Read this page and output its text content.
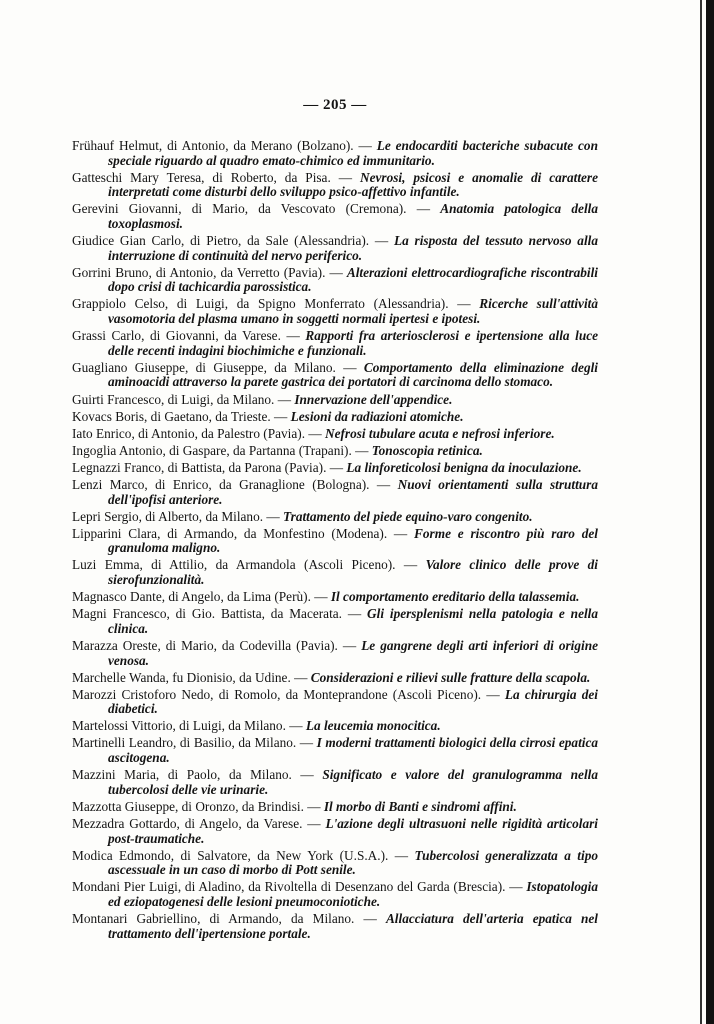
— 205 —

Frühauf Helmut, di Antonio, da Merano (Bolzano). — Le endocarditi bacteriche subacute con speciale riguardo al quadro emato-chimico ed immunitario.

Gatteschi Mary Teresa, di Roberto, da Pisa. — Nevrosi, psicosi e anomalie di carattere interpretati come disturbi dello sviluppo psico-affettivo infantile.

Gerevini Giovanni, di Mario, da Vescovato (Cremona). — Anatomia patologica della toxoplasmosi.

Giudice Gian Carlo, di Pietro, da Sale (Alessandria). — La risposta del tessuto nervoso alla interruzione di continuità del nervo periferico.

Gorrini Bruno, di Antonio, da Verretto (Pavia). — Alterazioni elettrocardiografiche riscontrabili dopo crisi di tachicardia parossistica.

Grappiolo Celso, di Luigi, da Spigno Monferrato (Alessandria). — Ricerche sull'attività vasomotoria del plasma umano in soggetti normali ipertesi e ipotesi.

Grassi Carlo, di Giovanni, da Varese. — Rapporti fra arteriosclerosi e ipertensione alla luce delle recenti indagini biochimiche e funzionali.

Guagliano Giuseppe, di Giuseppe, da Milano. — Comportamento della eliminazione degli aminoacidi attraverso la parete gastrica dei portatori di carcinoma dello stomaco.

Guirti Francesco, di Luigi, da Milano. — Innervazione dell'appendice.

Kovacs Boris, di Gaetano, da Trieste. — Lesioni da radiazioni atomiche.

Iato Enrico, di Antonio, da Palestro (Pavia). — Nefrosi tubulare acuta e nefrosi inferiore.

Ingoglia Antonio, di Gaspare, da Partanna (Trapani). — Tonoscopia retinica.

Legnazzi Franco, di Battista, da Parona (Pavia). — La linforeticolosi benigna da inoculazione.

Lenzi Marco, di Enrico, da Granaglione (Bologna). — Nuovi orientamenti sulla struttura dell'ipofisi anteriore.

Lepri Sergio, di Alberto, da Milano. — Trattamento del piede equino-varo congenito.

Lipparini Clara, di Armando, da Monfestino (Modena). — Forme e riscontro più raro del granuloma maligno.

Luzi Emma, di Attilio, da Armandola (Ascoli Piceno). — Valore clinico delle prove di sierofunzionalità.

Magnasco Dante, di Angelo, da Lima (Perù). — Il comportamento ereditario della talassemia.

Magni Francesco, di Gio. Battista, da Macerata. — Gli ipersplenismi nella patologia e nella clinica.

Marazza Oreste, di Mario, da Codevilla (Pavia). — Le gangrene degli arti inferiori di origine venosa.

Marchelle Wanda, fu Dionisio, da Udine. — Considerazioni e rilievi sulle fratture della scapola.

Marozzi Cristoforo Nedo, di Romolo, da Monteprandone (Ascoli Piceno). — La chirurgia dei diabetici.

Martelossi Vittorio, di Luigi, da Milano. — La leucemia monocitica.

Martinelli Leandro, di Basilio, da Milano. — I moderni trattamenti biologici della cirrosi epatica ascitogena.

Mazzini Maria, di Paolo, da Milano. — Significato e valore del granulogramma nella tubercolosi delle vie urinarie.

Mazzotta Giuseppe, di Oronzo, da Brindisi. — Il morbo di Banti e sindromi affini.

Mezzadra Gottardo, di Angelo, da Varese. — L'azione degli ultrasuoni nelle rigidità articolari post-traumatiche.

Modica Edmondo, di Salvatore, da New York (U.S.A.). — Tubercolosi generalizzata a tipo ascessuale in un caso di morbo di Pott senile.

Mondani Pier Luigi, di Aladino, da Rivoltella di Desenzano del Garda (Brescia). — Istopatologia ed eziopatogenesi delle lesioni pneumoconiotiche.

Montanari Gabriellino, di Armando, da Milano. — Allacciatura dell'arteria epatica nel trattamento dell'ipertensione portale.
